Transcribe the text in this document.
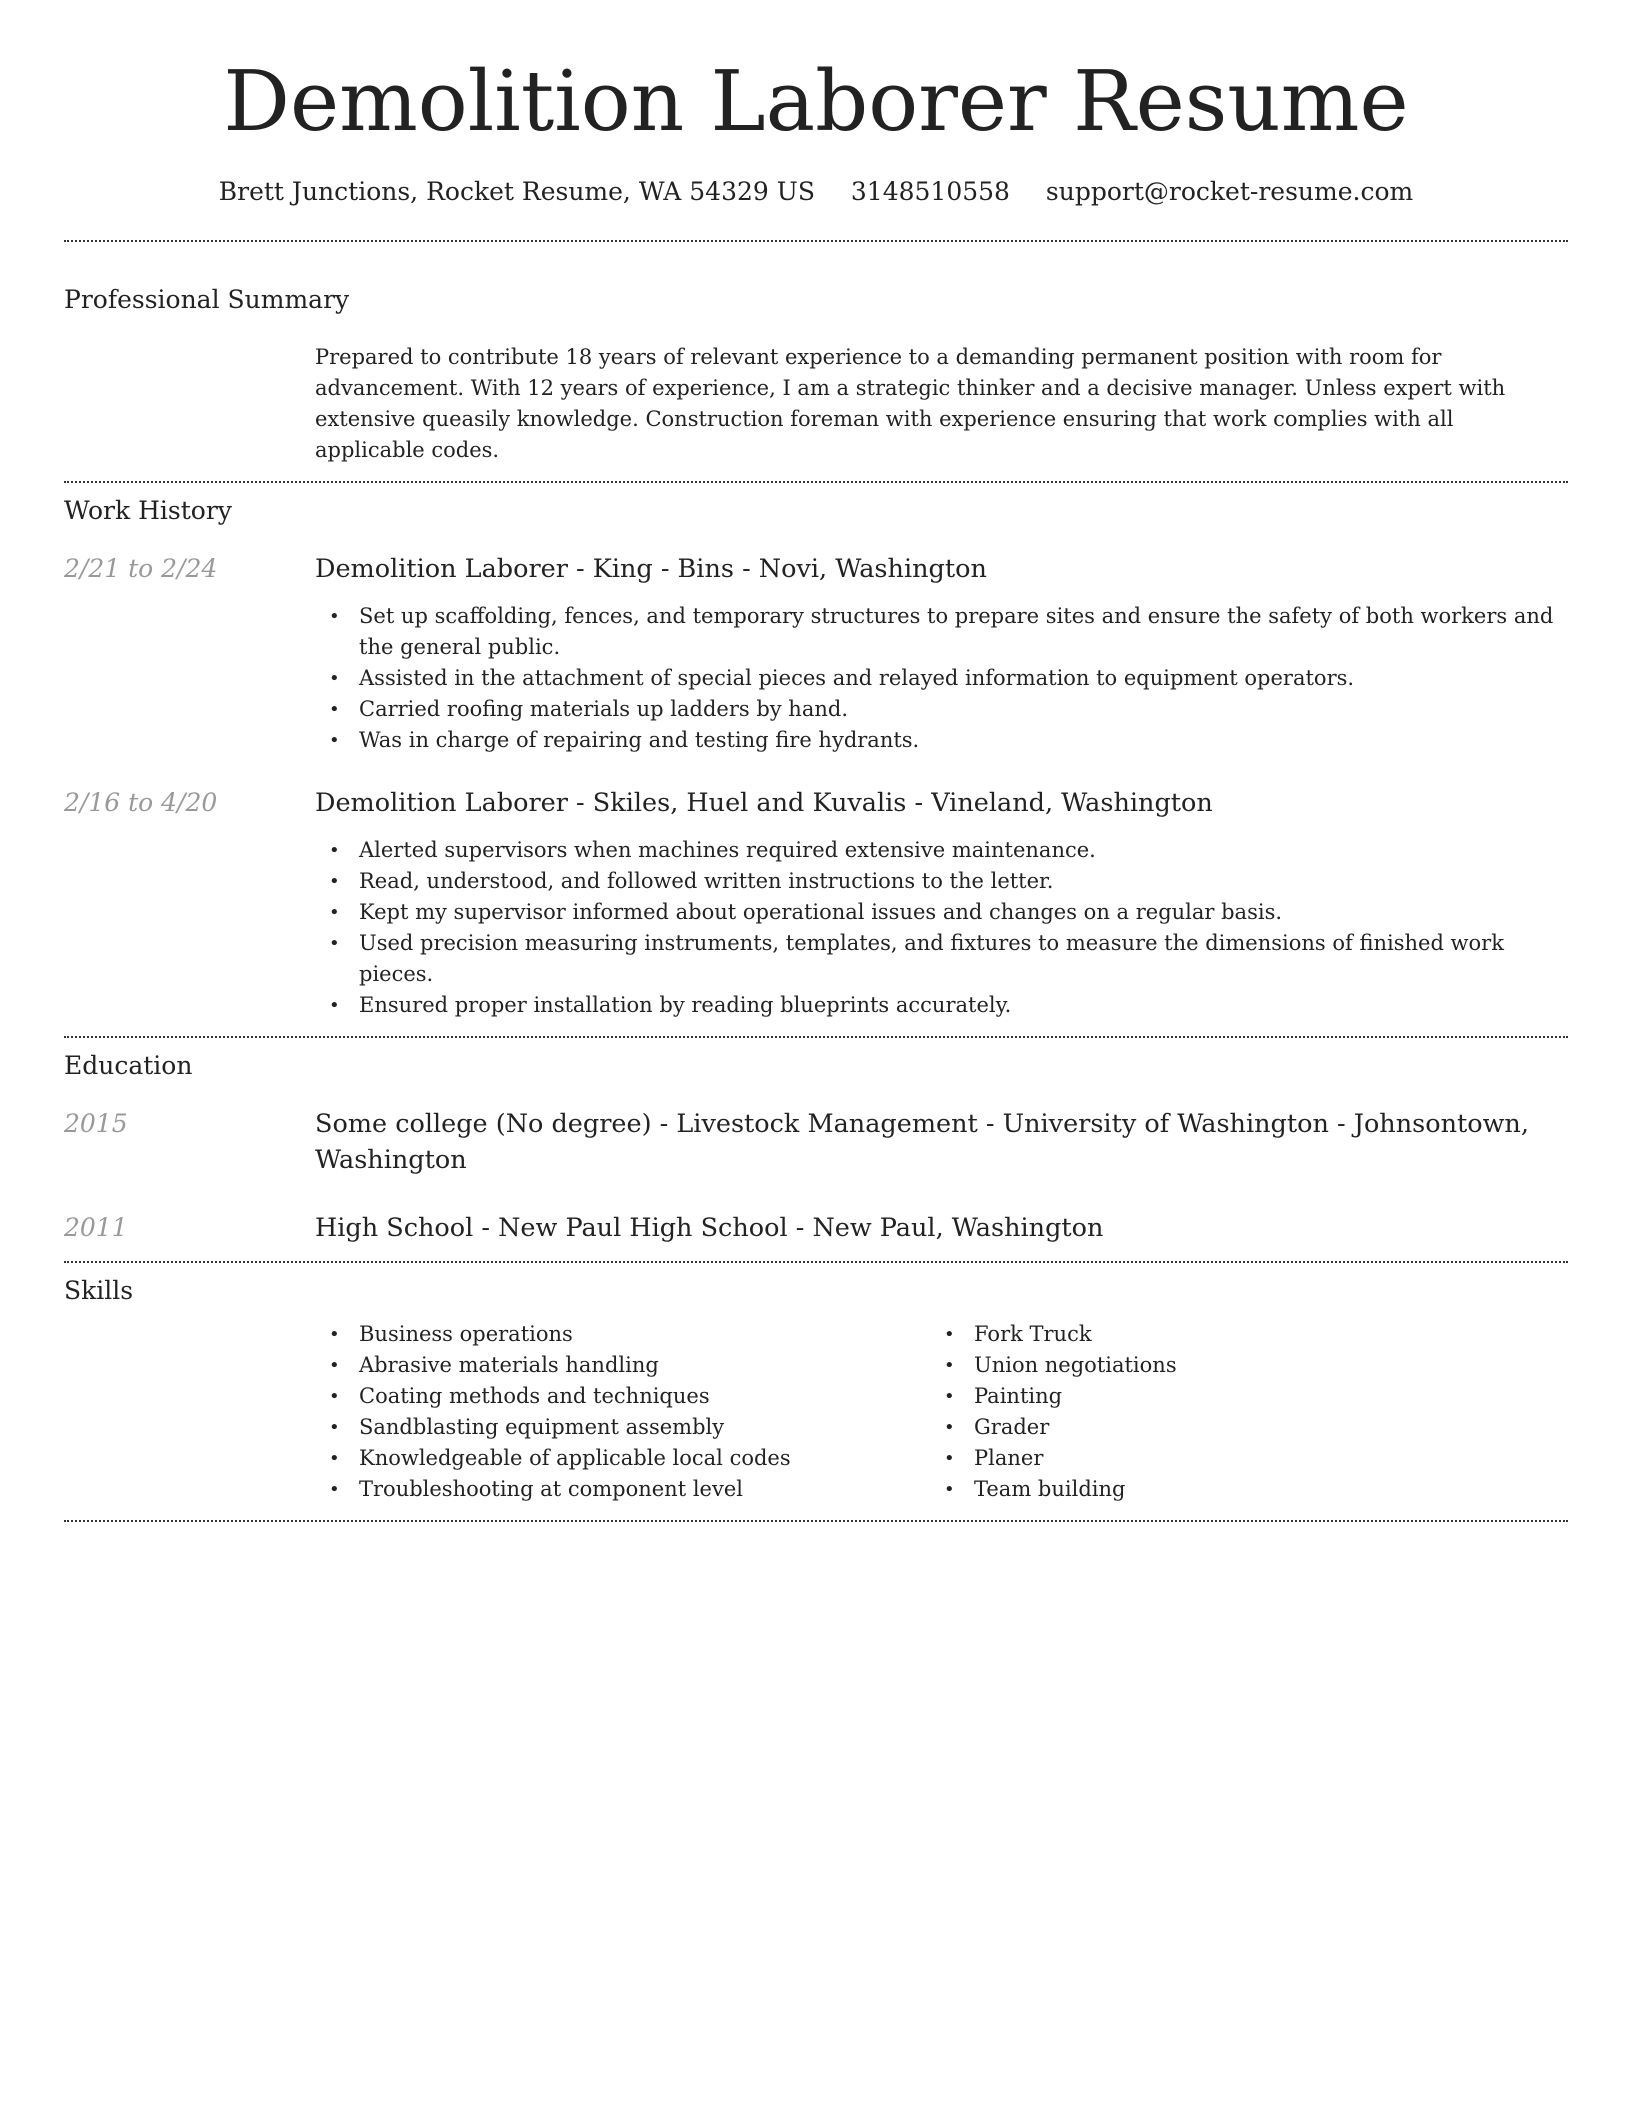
Demolition Laborer Resume
Brett Junctions, Rocket Resume, WA 54329 US 3148510558 support@rocket-resume.com
Professional Summary

Prepared to contribute 18 years of relevant experience to a demanding permanent position with room for advancement. With 12 years of experience, I am a strategic thinker and a decisive manager. Unless expert with extensive queasily knowledge. Construction foreman with experience ensuring that work complies with all applicable codes.

Work History
2/21 to 2/24	Demolition Laborer - King - Bins - Novi, Washington
• Set up scaffolding, fences, and temporary structures to prepare sites and ensure the safety of both workers and the general public.
• Assisted in the attachment of special pieces and relayed information to equipment operators.
• Carried roofing materials up ladders by hand.
• Was in charge of repairing and testing fire hydrants.
2/16 to 4/20	Demolition Laborer - Skiles, Huel and Kuvalis - Vineland, Washington
• Alerted supervisors when machines required extensive maintenance.
• Read, understood, and followed written instructions to the letter.
• Kept my supervisor informed about operational issues and changes on a regular basis.
• Used precision measuring instruments, templates, and fixtures to measure the dimensions of finished work pieces.
• Ensured proper installation by reading blueprints accurately.
Education
2015	Some college (No degree) - Livestock Management - University of Washington - Johnsontown, Washington
2011	High School - New Paul High School - New Paul, Washington
Skills
• Business operations
• Abrasive materials handling
• Coating methods and techniques
• Sandblasting equipment assembly
• Knowledgeable of applicable local codes
• Troubleshooting at component level
• Fork Truck
• Union negotiations
• Painting
• Grader
• Planer
• Team building
